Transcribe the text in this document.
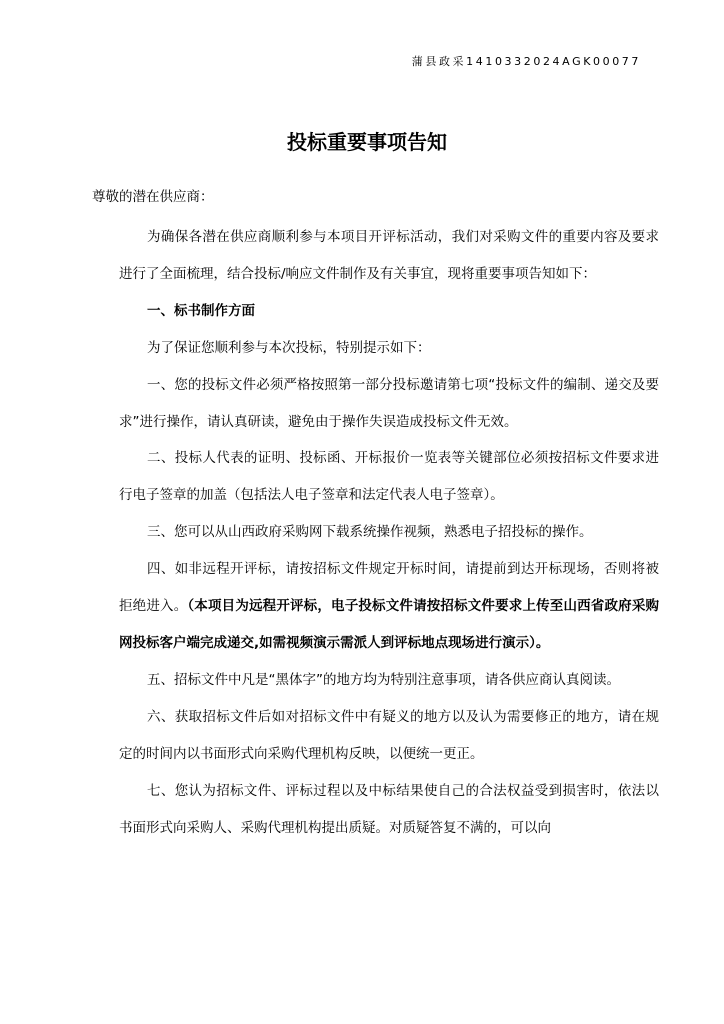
蒲县政采1410332024AGK00077
投标重要事项告知
尊敬的潜在供应商：

为确保各潜在供应商顺利参与本项目开评标活动，我们对采购文件的重要内容及要求进行了全面梳理，结合投标/响应文件制作及有关事宜，现将重要事项告知如下：

一、标书制作方面

为了保证您顺利参与本次投标，特别提示如下：

一、您的投标文件必须严格按照第一部分投标邀请第七项“投标文件的编制、递交及要求”进行操作，请认真研读，避免由于操作失误造成投标文件无效。

二、投标人代表的证明、投标函、开标报价一览表等关键部位必须按招标文件要求进行电子签章的加盖（包括法人电子签章和法定代表人电子签章）。

三、您可以从山西政府采购网下载系统操作视频，熟悉电子招投标的操作。

四、如非远程开评标，请按招标文件规定开标时间，请提前到达开标现场，否则将被拒绝进入。（本项目为远程开评标，电子投标文件请按招标文件要求上传至山西省政府采购网投标客户端完成递交,如需视频演示需派人到评标地点现场进行演示）。

五、招标文件中凡是“黑体字”的地方均为特别注意事项，请各供应商认真阅读。

六、获取招标文件后如对招标文件中有疑义的地方以及认为需要修正的地方，请在规定的时间内以书面形式向采购代理机构反映，以便统一更正。

七、您认为招标文件、评标过程以及中标结果使自己的合法权益受到损害时，依法以书面形式向采购人、采购代理机构提出质疑。对质疑答复不满的，可以向
